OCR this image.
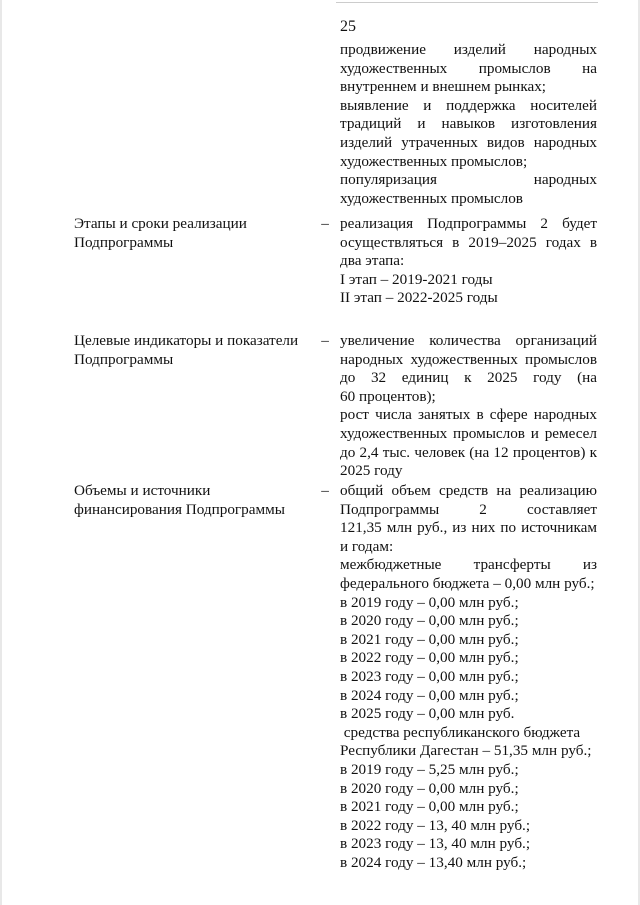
25
продвижение изделий народных
художественных промыслов на
внутреннем и внешнем рынках;
выявление и поддержка носителей
традиций и навыков изготовления
изделий утраченных видов народных
художественных промыслов;
популяризация народных
художественных промыслов
Этапы и сроки реализации
Подпрограммы
– реализация Подпрограммы 2 будет
осуществляться в 2019–2025 годах в
два этапа:
I этап – 2019-2021 годы
II этап – 2022-2025 годы
Целевые индикаторы и показатели
Подпрограммы
– увеличение количества организаций
народных художественных промыслов
до 32 единиц к 2025 году (на
60 процентов);
рост числа занятых в сфере народных
художественных промыслов и ремесел
до 2,4 тыс. человек (на 12 процентов) к
2025 году
Объемы и источники
финансирования Подпрограммы
– общий объем средств на реализацию
Подпрограммы 2 составляет
121,35 млн руб., из них по источникам
и годам:
межбюджетные трансферты из
федерального бюджета – 0,00 млн руб.;
в 2019 году – 0,00 млн руб.;
в 2020 году – 0,00 млн руб.;
в 2021 году – 0,00 млн руб.;
в 2022 году – 0,00 млн руб.;
в 2023 году – 0,00 млн руб.;
в 2024 году – 0,00 млн руб.;
в 2025 году – 0,00 млн руб.
средства республиканского бюджета
Республики Дагестан – 51,35 млн руб.;
в 2019 году – 5,25 млн руб.;
в 2020 году – 0,00 млн руб.;
в 2021 году – 0,00 млн руб.;
в 2022 году – 13, 40 млн руб.;
в 2023 году – 13, 40 млн руб.;
в 2024 году – 13,40 млн руб.;
